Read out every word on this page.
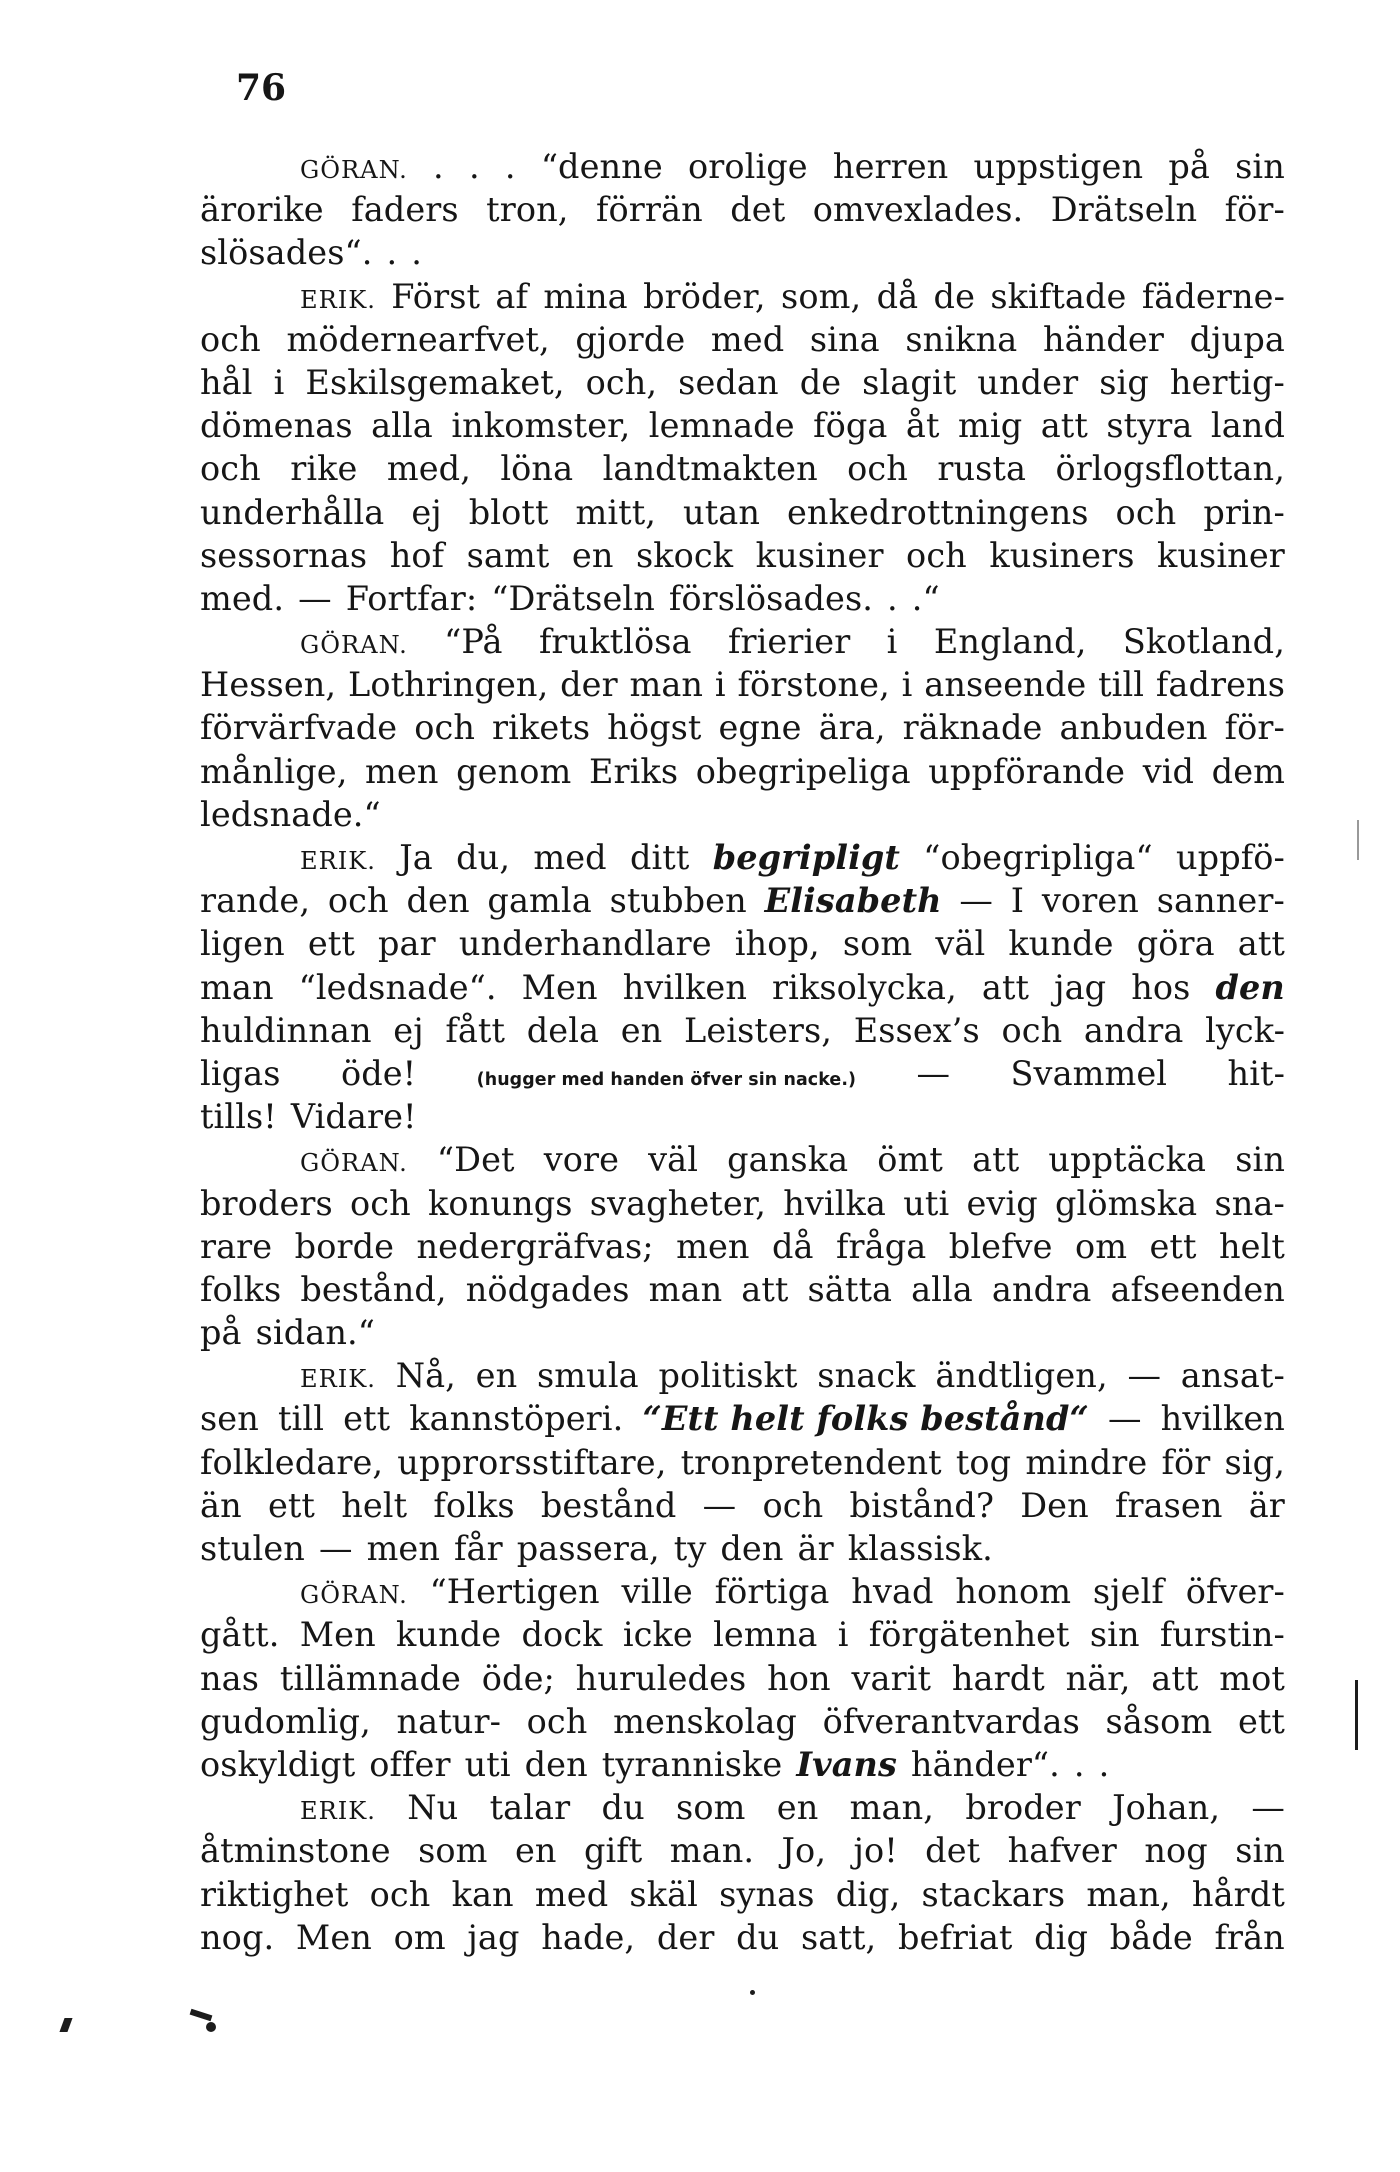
76
GÖRAN. . . . “denne orolige herren uppstigen på sin
ärorike faders tron, förrän det omvexlades. Drätseln för-
slösades“. . .
ERIK. Först af mina bröder, som, då de skiftade fäderne-
och mödernearfvet, gjorde med sina snikna händer djupa
hål i Eskilsgemaket, och, sedan de slagit under sig hertig-
dömenas alla inkomster, lemnade föga åt mig att styra land
och rike med, löna landtmakten och rusta örlogsflottan,
underhålla ej blott mitt, utan enkedrottningens och prin-
sessornas hof samt en skock kusiner och kusiners kusiner
med. — Fortfar: “Drätseln förslösades. . .“
GÖRAN. “På fruktlösa frierier i England, Skotland,
Hessen, Lothringen, der man i förstone, i anseende till fadrens
förvärfvade och rikets högst egne ära, räknade anbuden för-
månlige, men genom Eriks obegripeliga uppförande vid dem
ledsnade.“
ERIK. Ja du, med ditt begripligt “obegripliga“ uppfö-
rande, och den gamla stubben Elisabeth — I voren sanner-
ligen ett par underhandlare ihop, som väl kunde göra att
man “ledsnade“. Men hvilken riksolycka, att jag hos den
huldinnan ej fått dela en Leisters, Essex’s och andra lyck-
ligas öde!	(hugger med handen öfver sin nacke.) — Svammel hit-
tills! Vidare!
GÖRAN. “Det vore väl ganska ömt att upptäcka sin
broders och konungs svagheter, hvilka uti evig glömska sna-
rare borde nedergräfvas; men då fråga blefve om ett helt
folks bestånd, nödgades man att sätta alla andra afseenden
på sidan.“
ERIK. Nå, en smula politiskt snack ändtligen, — ansat-
sen till ett kannstöperi. “Ett helt folks bestånd“ — hvilken
folkledare, upprorsstiftare, tronpretendent tog mindre för sig,
än ett helt folks bestånd — och bistånd? Den frasen är
stulen — men får passera, ty den är klassisk.
GÖRAN. “Hertigen ville förtiga hvad honom sjelf öfver-
gått. Men kunde dock icke lemna i förgätenhet sin furstin-
nas tillämnade öde; huruledes hon varit hardt när, att mot
gudomlig, natur- och menskolag öfverantvardas såsom ett
oskyldigt offer uti den tyranniske Ivans händer“. . .
ERIK. Nu talar du som en man, broder Johan, —
åtminstone som en gift man. Jo, jo! det hafver nog sin
riktighet och kan med skäl synas dig, stackars man, hårdt
nog. Men om jag hade, der du satt, befriat dig både från
